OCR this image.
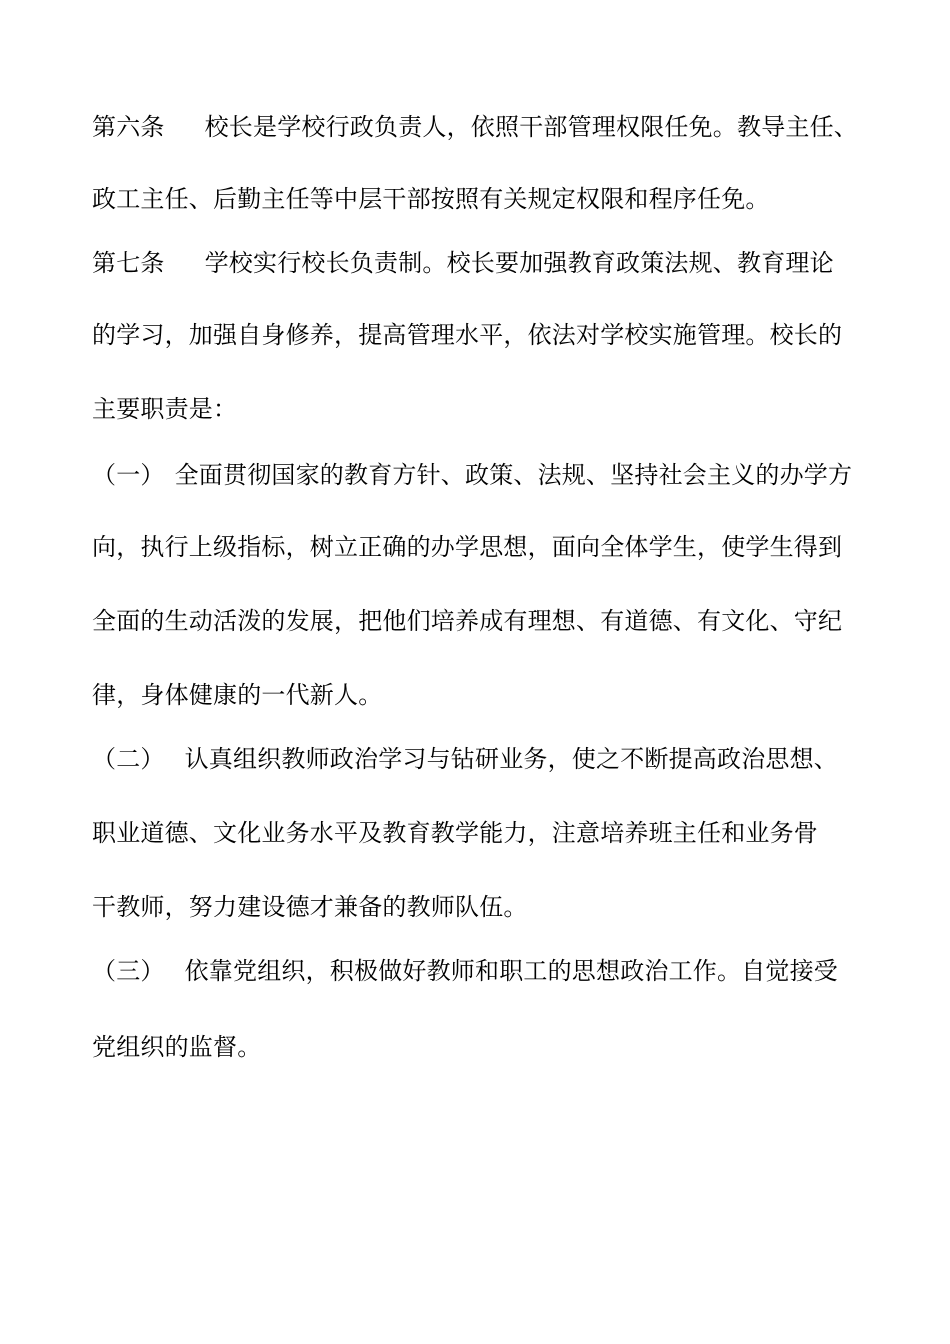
第六条 校长是学校行政负责人，依照干部管理权限任免。教导主任、
政工主任、后勤主任等中层干部按照有关规定权限和程序任免。
第七条 学校实行校长负责制。校长要加强教育政策法规、教育理论
的学习，加强自身修养，提高管理水平，依法对学校实施管理。校长的
主要职责是：
（一） 全面贯彻国家的教育方针、政策、法规、坚持社会主义的办学方
向，执行上级指标，树立正确的办学思想，面向全体学生，使学生得到
全面的生动活泼的发展，把他们培养成有理想、有道德、有文化、守纪
律，身体健康的一代新人。
（二） 认真组织教师政治学习与钻研业务，使之不断提高政治思想、
职业道德、文化业务水平及教育教学能力，注意培养班主任和业务骨
干教师，努力建设德才兼备的教师队伍。
（三） 依靠党组织，积极做好教师和职工的思想政治工作。自觉接受
党组织的监督。
